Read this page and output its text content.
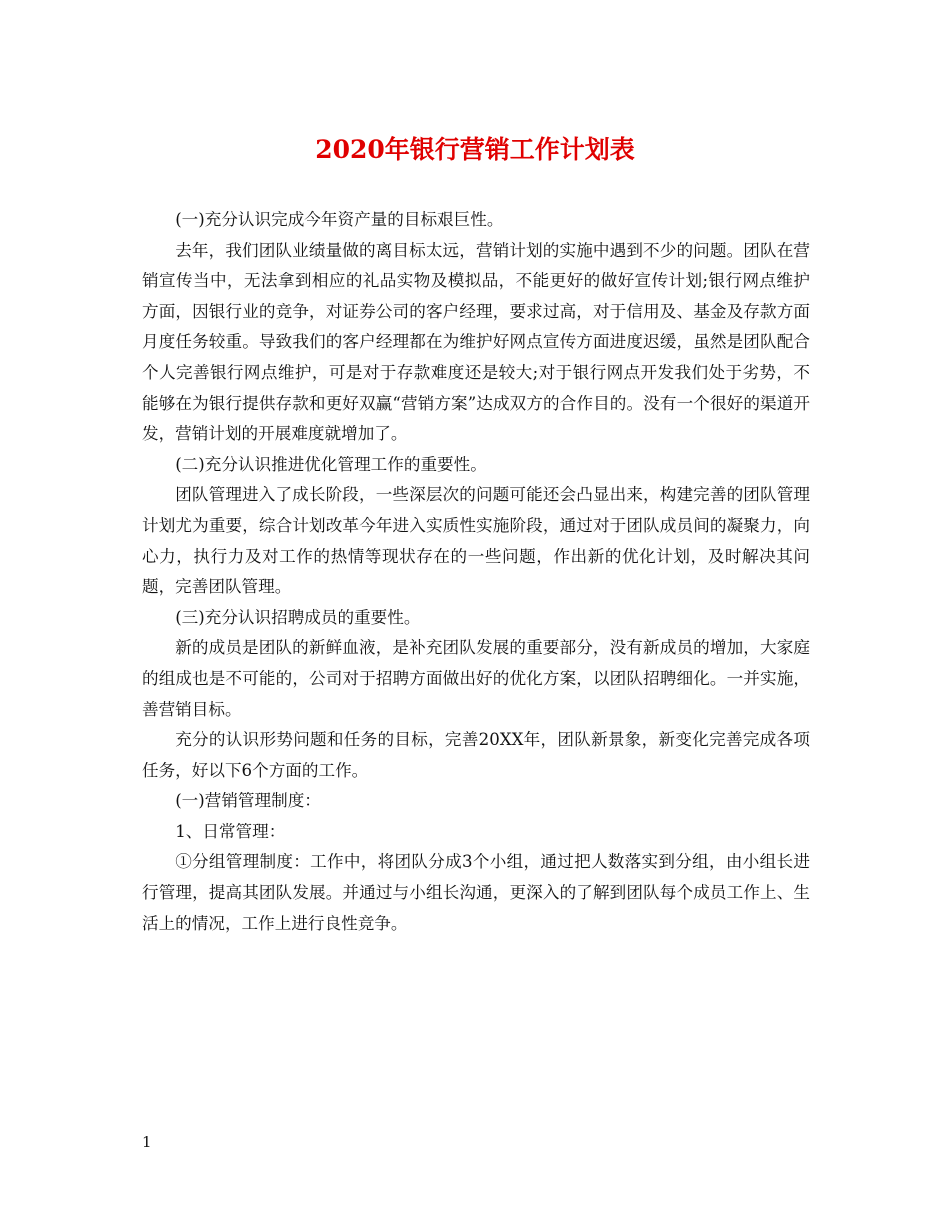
2020年银行营销工作计划表

(一)充分认识完成今年资产量的目标艰巨性。

去年，我们团队业绩量做的离目标太远，营销计划的实施中遇到不少的问题。团队在营销宣传当中，无法拿到相应的礼品实物及模拟品，不能更好的做好宣传计划;银行网点维护方面，因银行业的竞争，对证券公司的客户经理，要求过高，对于信用及、基金及存款方面月度任务较重。导致我们的客户经理都在为维护好网点宣传方面进度迟缓，虽然是团队配合个人完善银行网点维护，可是对于存款难度还是较大;对于银行网点开发我们处于劣势，不能够在为银行提供存款和更好双赢“营销方案”达成双方的合作目的。没有一个很好的渠道开发，营销计划的开展难度就增加了。

(二)充分认识推进优化管理工作的重要性。

团队管理进入了成长阶段，一些深层次的问题可能还会凸显出来，构建完善的团队管理计划尤为重要，综合计划改革今年进入实质性实施阶段，通过对于团队成员间的凝聚力，向心力，执行力及对工作的热情等现状存在的一些问题，作出新的优化计划，及时解决其问题，完善团队管理。

(三)充分认识招聘成员的重要性。

新的成员是团队的新鲜血液，是补充团队发展的重要部分，没有新成员的增加，大家庭的组成也是不可能的，公司对于招聘方面做出好的优化方案，以团队招聘细化。一并实施，善营销目标。

充分的认识形势问题和任务的目标，完善20XX年，团队新景象，新变化完善完成各项任务，好以下6个方面的工作。

(一)营销管理制度：

1、日常管理：

①分组管理制度：工作中，将团队分成3个小组，通过把人数落实到分组，由小组长进行管理，提高其团队发展。并通过与小组长沟通，更深入的了解到团队每个成员工作上、生活上的情况，工作上进行良性竞争。

1
